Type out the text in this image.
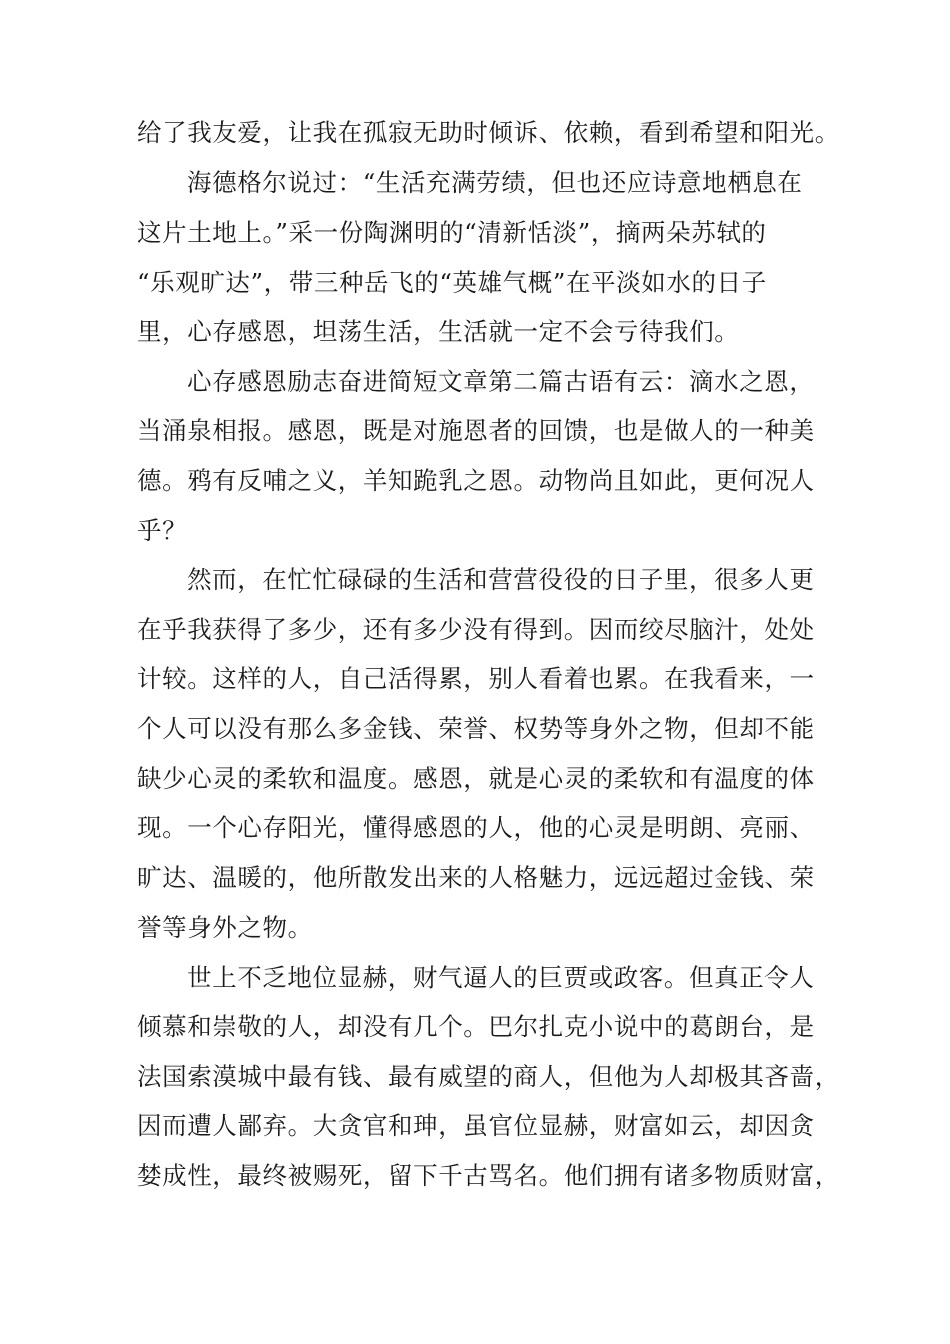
给了我友爱，让我在孤寂无助时倾诉、依赖，看到希望和阳光。
海德格尔说过：“生活充满劳绩，但也还应诗意地栖息在
这片土地上。”采一份陶渊明的“清新恬淡”，摘两朵苏轼的
“乐观旷达”，带三种岳飞的“英雄气概”在平淡如水的日子
里，心存感恩，坦荡生活，生活就一定不会亏待我们。
心存感恩励志奋进简短文章第二篇古语有云：滴水之恩，
当涌泉相报。感恩，既是对施恩者的回馈，也是做人的一种美
德。鸦有反哺之义，羊知跪乳之恩。动物尚且如此，更何况人
乎？
然而，在忙忙碌碌的生活和营营役役的日子里，很多人更
在乎我获得了多少，还有多少没有得到。因而绞尽脑汁，处处
计较。这样的人，自己活得累，别人看着也累。在我看来，一
个人可以没有那么多金钱、荣誉、权势等身外之物，但却不能
缺少心灵的柔软和温度。感恩，就是心灵的柔软和有温度的体
现。一个心存阳光，懂得感恩的人，他的心灵是明朗、亮丽、
旷达、温暖的，他所散发出来的人格魅力，远远超过金钱、荣
誉等身外之物。
世上不乏地位显赫，财气逼人的巨贾或政客。但真正令人
倾慕和崇敬的人，却没有几个。巴尔扎克小说中的葛朗台，是
法国索漠城中最有钱、最有威望的商人，但他为人却极其吝啬，
因而遭人鄙弃。大贪官和珅，虽官位显赫，财富如云，却因贪
婪成性，最终被赐死，留下千古骂名。他们拥有诸多物质财富，
